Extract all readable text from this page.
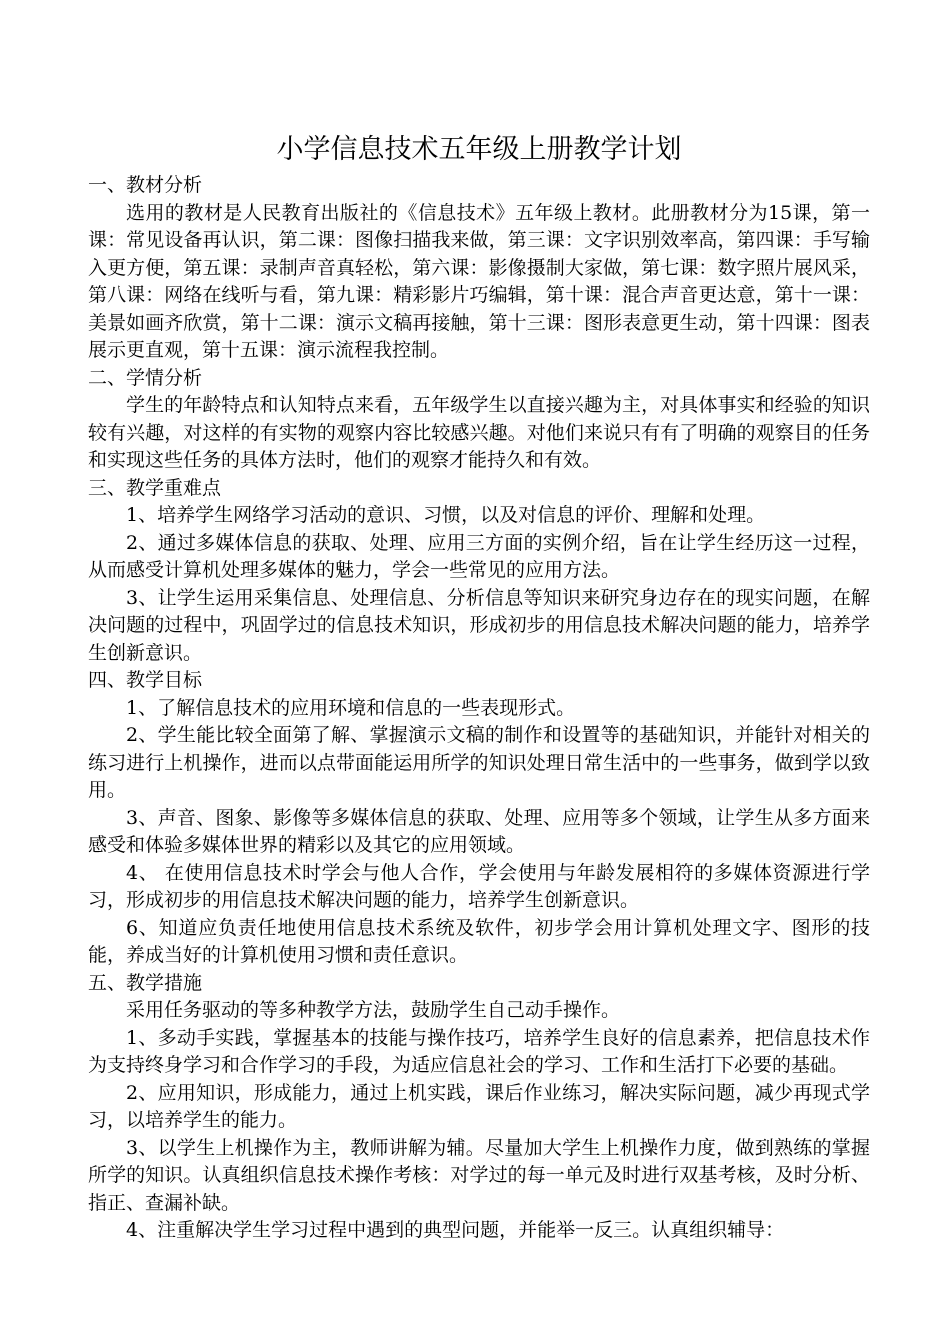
小学信息技术五年级上册教学计划

一、教材分析

选用的教材是人民教育出版社的《信息技术》五年级上教材。此册教材分为15课，第一课：常见设备再认识，第二课：图像扫描我来做，第三课：文字识别效率高，第四课：手写输入更方便，第五课：录制声音真轻松，第六课：影像摄制大家做，第七课：数字照片展风采，第八课：网络在线听与看，第九课：精彩影片巧编辑，第十课：混合声音更达意，第十一课：美景如画齐欣赏，第十二课：演示文稿再接触，第十三课：图形表意更生动，第十四课：图表展示更直观，第十五课：演示流程我控制。

二、学情分析

学生的年龄特点和认知特点来看，五年级学生以直接兴趣为主，对具体事实和经验的知识较有兴趣，对这样的有实物的观察内容比较感兴趣。对他们来说只有有了明确的观察目的任务和实现这些任务的具体方法时，他们的观察才能持久和有效。

三、教学重难点

1、培养学生网络学习活动的意识、习惯，以及对信息的评价、理解和处理。

2、通过多媒体信息的获取、处理、应用三方面的实例介绍，旨在让学生经历这一过程，从而感受计算机处理多媒体的魅力，学会一些常见的应用方法。

3、让学生运用采集信息、处理信息、分析信息等知识来研究身边存在的现实问题，在解决问题的过程中，巩固学过的信息技术知识，形成初步的用信息技术解决问题的能力，培养学生创新意识。

四、教学目标

1、了解信息技术的应用环境和信息的一些表现形式。

2、学生能比较全面第了解、掌握演示文稿的制作和设置等的基础知识，并能针对相关的练习进行上机操作，进而以点带面能运用所学的知识处理日常生活中的一些事务，做到学以致用。

3、声音、图象、影像等多媒体信息的获取、处理、应用等多个领域，让学生从多方面来感受和体验多媒体世界的精彩以及其它的应用领域。

4、 在使用信息技术时学会与他人合作，学会使用与年龄发展相符的多媒体资源进行学习，形成初步的用信息技术解决问题的能力，培养学生创新意识。

6、知道应负责任地使用信息技术系统及软件，初步学会用计算机处理文字、图形的技能，养成当好的计算机使用习惯和责任意识。

五、教学措施

采用任务驱动的等多种教学方法，鼓励学生自己动手操作。

1、多动手实践，掌握基本的技能与操作技巧，培养学生良好的信息素养，把信息技术作为支持终身学习和合作学习的手段，为适应信息社会的学习、工作和生活打下必要的基础。

2、应用知识，形成能力，通过上机实践，课后作业练习，解决实际问题，减少再现式学习，以培养学生的能力。

3、以学生上机操作为主，教师讲解为辅。尽量加大学生上机操作力度，做到熟练的掌握所学的知识。认真组织信息技术操作考核：对学过的每一单元及时进行双基考核，及时分析、指正、查漏补缺。

4、注重解决学生学习过程中遇到的典型问题，并能举一反三。认真组织辅导：
